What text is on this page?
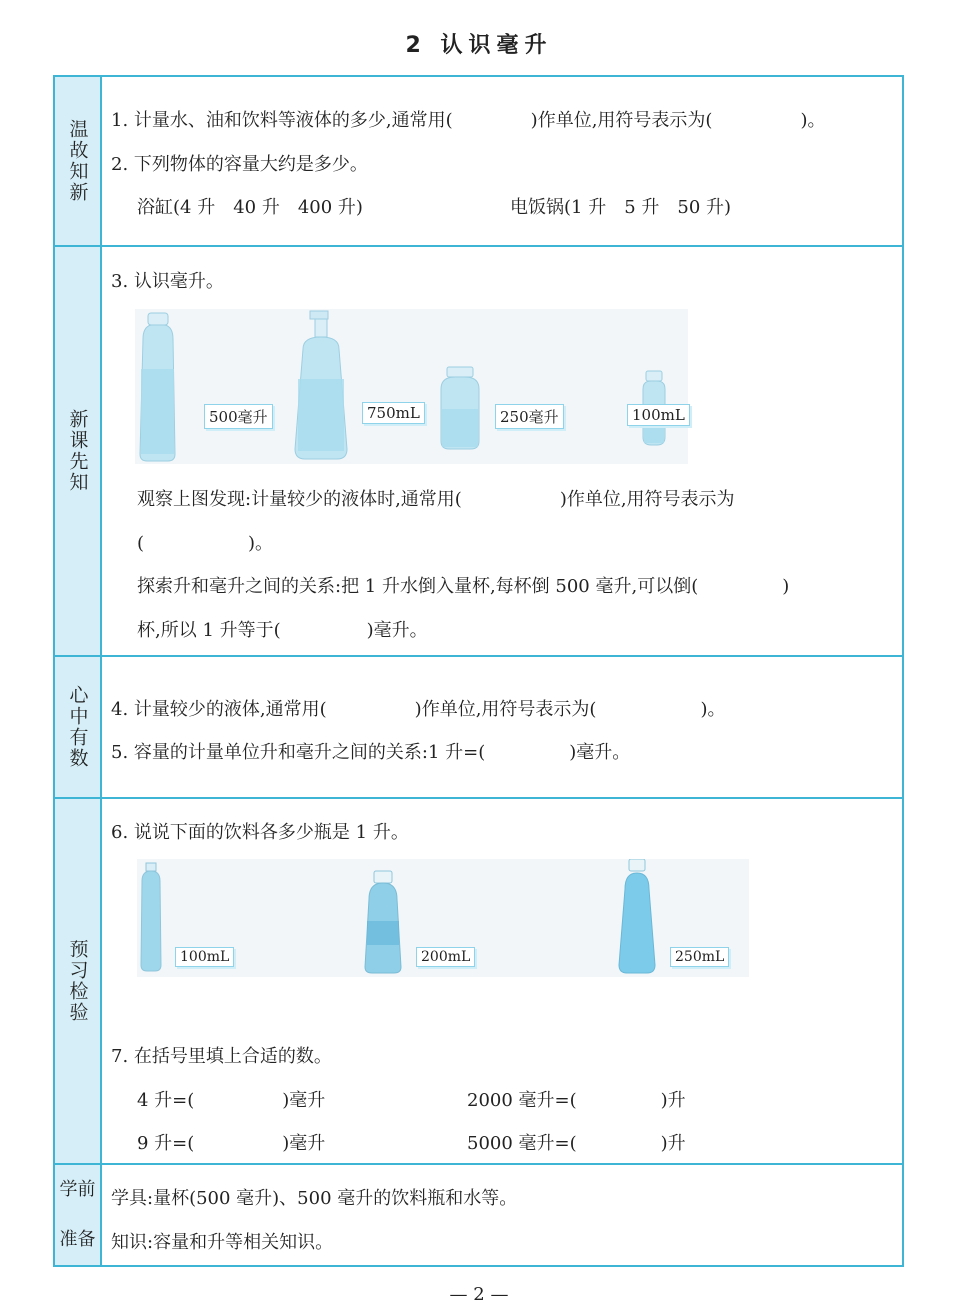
2 认识毫升
温故知新 1. 计量水、油和饮料等液体的多少,通常用(	)作单位,用符号表示为(	)。
2. 下列物体的容量大约是多少。
浴缸(4 升　40 升　400 升)	电饭锅(1 升　5 升　50 升)
新课先知
3. 认识毫升。
500毫升	750mL	250毫升	100mL
观察上图发现:计量较少的液体时,通常用(	)作单位,用符号表示为
(	)。
探索升和毫升之间的关系:把 1 升水倒入量杯,每杯倒 500 毫升,可以倒(	)
杯,所以 1 升等于(	)毫升。
心中有数 4. 计量较少的液体,通常用(	)作单位,用符号表示为(	)。
5. 容量的计量单位升和毫升之间的关系:1 升=(	)毫升。
预习检验
6. 说说下面的饮料各多少瓶是 1 升。
100mL	200mL	250mL
7. 在括号里填上合适的数。
4 升=(	)毫升	2000 毫升=(	)升
9 升=(	)毫升	5000 毫升=(	)升
学前
准备
学具:量杯(500 毫升)、500 毫升的饮料瓶和水等。
知识:容量和升等相关知识。
— 2 —
